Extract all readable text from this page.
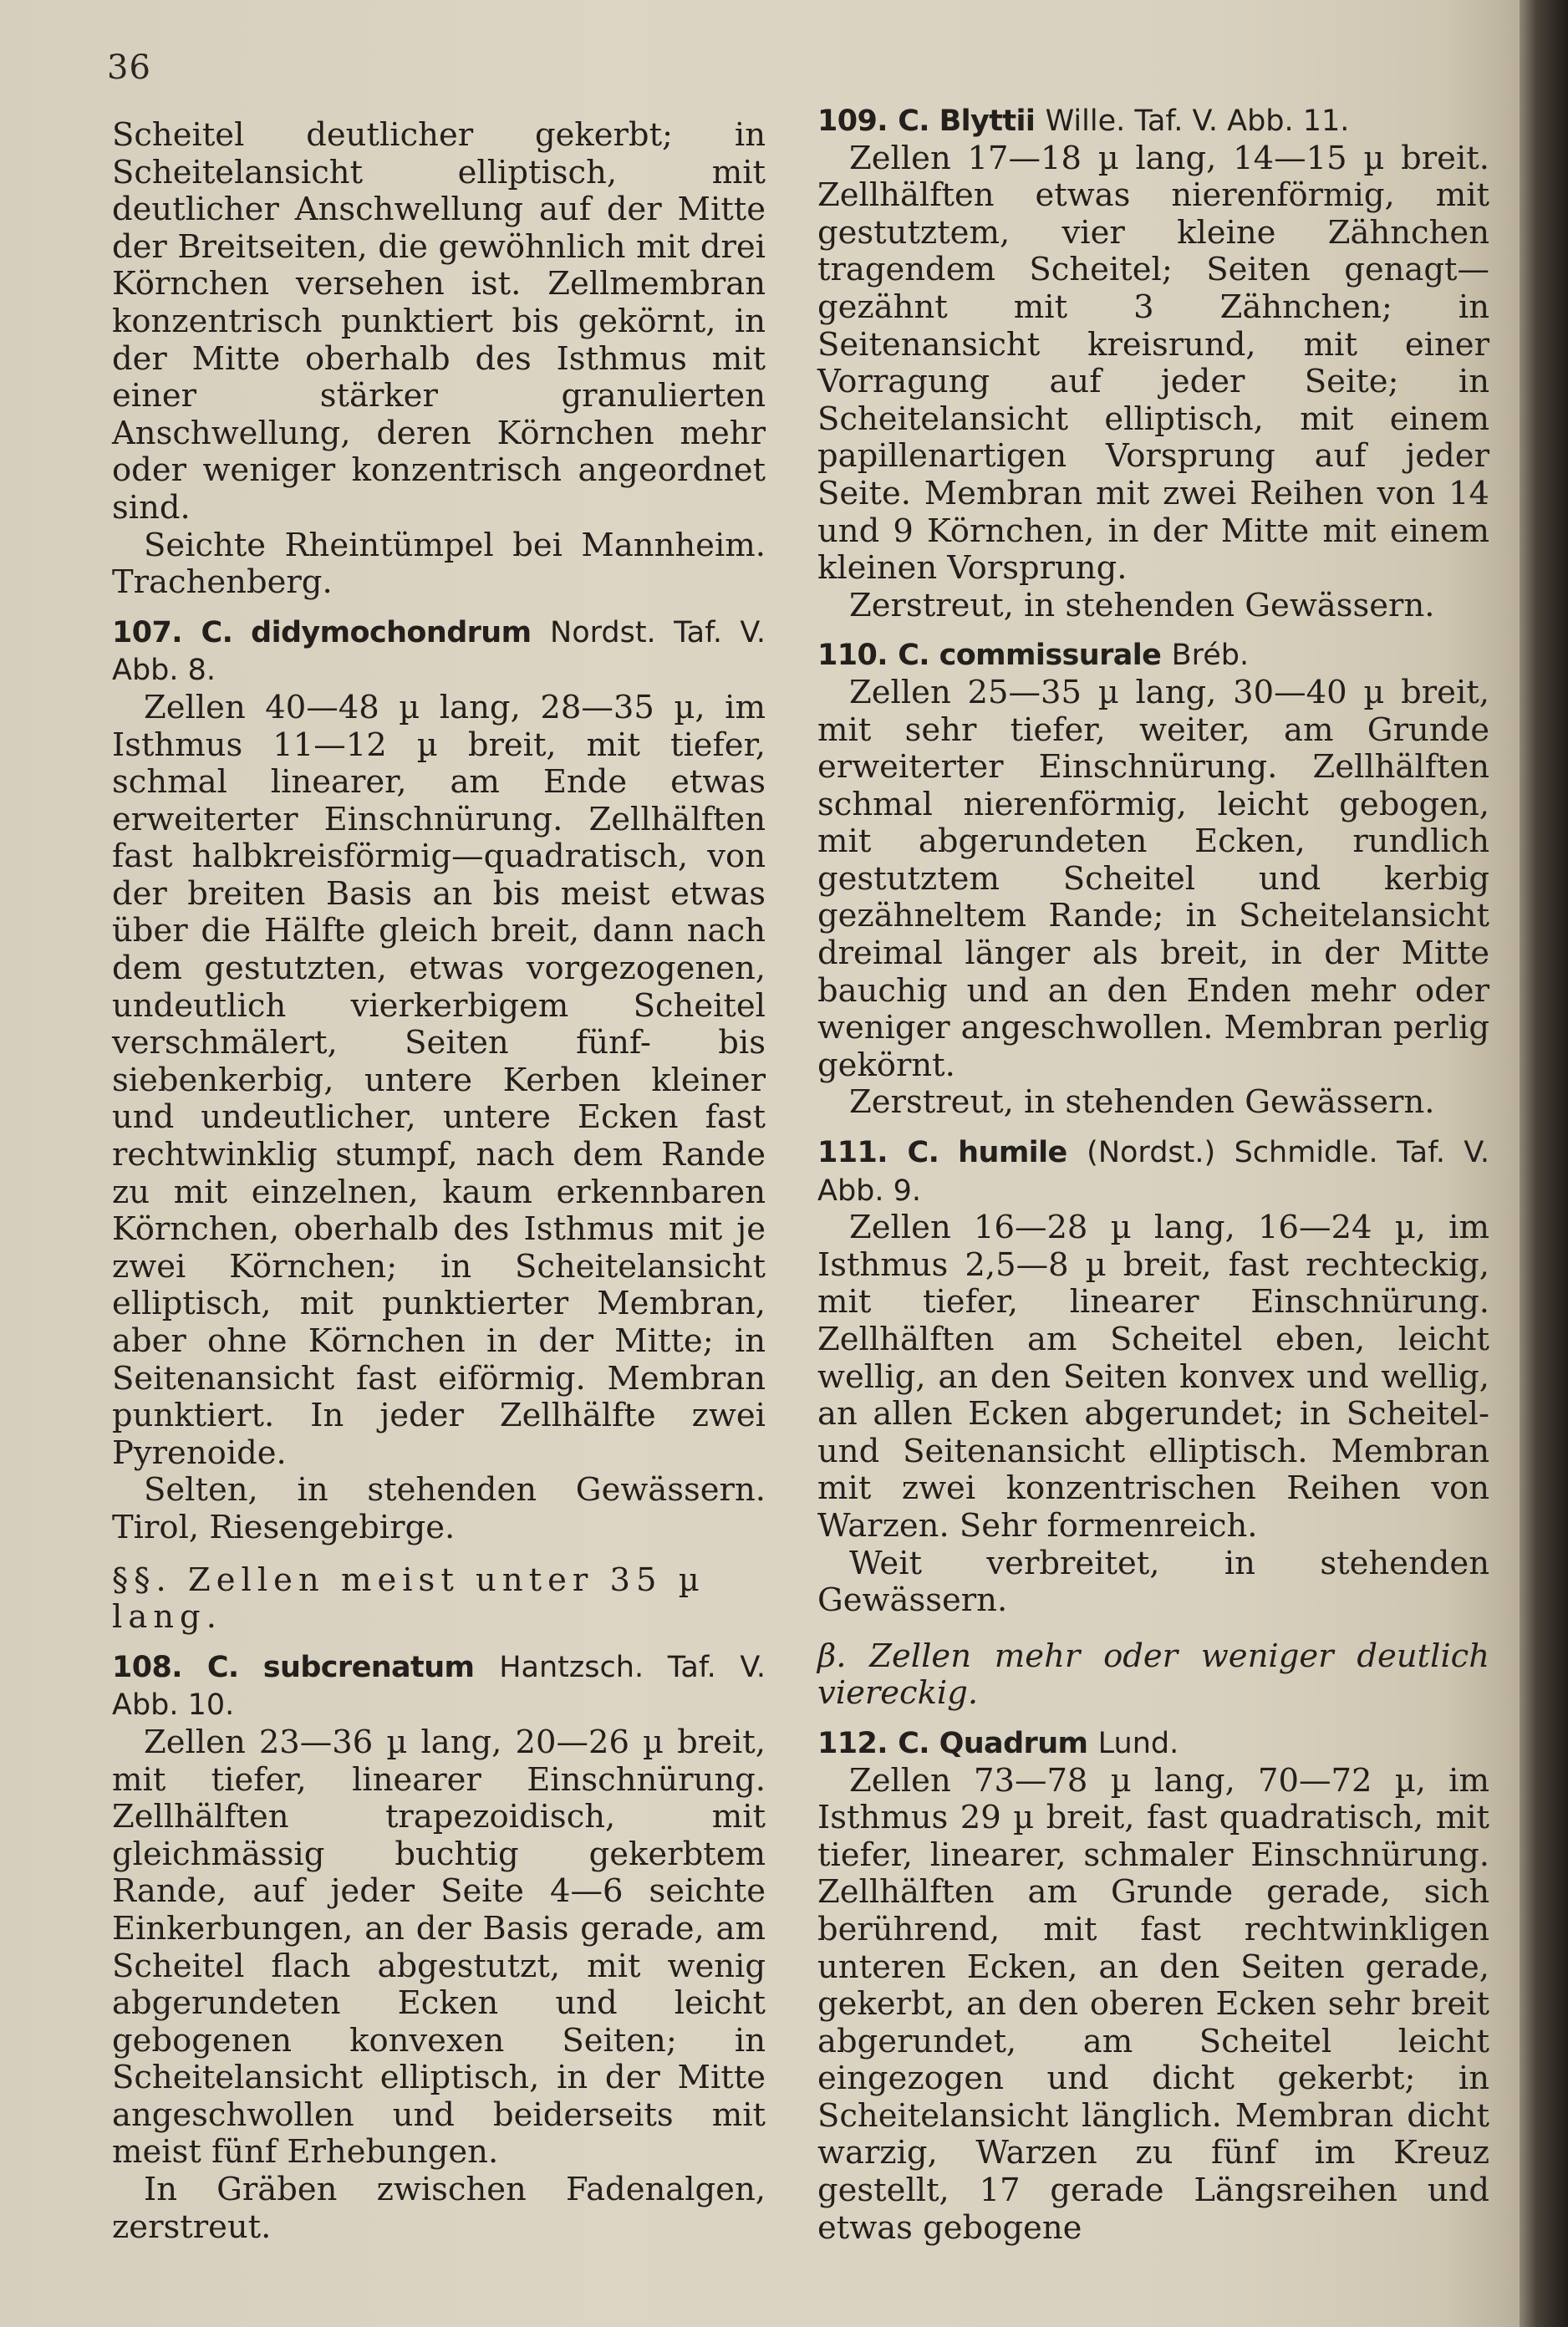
36

Scheitel deutlicher gekerbt; in Scheitelansicht elliptisch, mit deutlicher Anschwellung auf der Mitte der Breitseiten, die gewöhnlich mit drei Körnchen versehen ist. Zellmembran konzentrisch punktiert bis gekörnt, in der Mitte oberhalb des Isthmus mit einer stärker granulierten Anschwellung, deren Körnchen mehr oder weniger konzentrisch angeordnet sind.

Seichte Rheintümpel bei Mannheim. Trachenberg.

107. C. didymochondrum Nordst. Taf. V. Abb. 8.

Zellen 40—48 µ lang, 28—35 µ, im Isthmus 11—12 µ breit, mit tiefer, schmal linearer, am Ende etwas erweiterter Einschnürung. Zellhälften fast halbkreisförmig—quadratisch, von der breiten Basis an bis meist etwas über die Hälfte gleich breit, dann nach dem gestutzten, etwas vorgezogenen, undeutlich vierkerbigem Scheitel verschmälert, Seiten fünf- bis siebenkerbig, untere Kerben kleiner und undeutlicher, untere Ecken fast rechtwinklig stumpf, nach dem Rande zu mit einzelnen, kaum erkennbaren Körnchen, oberhalb des Isthmus mit je zwei Körnchen; in Scheitelansicht elliptisch, mit punktierter Membran, aber ohne Körnchen in der Mitte; in Seitenansicht fast eiförmig. Membran punktiert. In jeder Zellhälfte zwei Pyrenoide.

Selten, in stehenden Gewässern. Tirol, Riesengebirge.

§§. Zellen meist unter 35 µ lang.

108. C. subcrenatum Hantzsch. Taf. V. Abb. 10.

Zellen 23—36 µ lang, 20—26 µ breit, mit tiefer, linearer Einschnürung. Zellhälften trapezoidisch, mit gleichmässig buchtig gekerbtem Rande, auf jeder Seite 4—6 seichte Einkerbungen, an der Basis gerade, am Scheitel flach abgestutzt, mit wenig abgerundeten Ecken und leicht gebogenen konvexen Seiten; in Scheitelansicht elliptisch, in der Mitte angeschwollen und beiderseits mit meist fünf Erhebungen.

In Gräben zwischen Fadenalgen, zerstreut.

109. C. Blyttii Wille. Taf. V. Abb. 11.

Zellen 17—18 µ lang, 14—15 µ breit. Zellhälften etwas nierenförmig, mit gestutztem, vier kleine Zähnchen tragendem Scheitel; Seiten genagt—gezähnt mit 3 Zähnchen; in Seitenansicht kreisrund, mit einer Vorragung auf jeder Seite; in Scheitelansicht elliptisch, mit einem papillenartigen Vorsprung auf jeder Seite. Membran mit zwei Reihen von 14 und 9 Körnchen, in der Mitte mit einem kleinen Vorsprung.

Zerstreut, in stehenden Gewässern.

110. C. commissurale Bréb.

Zellen 25—35 µ lang, 30—40 µ breit, mit sehr tiefer, weiter, am Grunde erweiterter Einschnürung. Zellhälften schmal nierenförmig, leicht gebogen, mit abgerundeten Ecken, rundlich gestutztem Scheitel und kerbig gezähneltem Rande; in Scheitelansicht dreimal länger als breit, in der Mitte bauchig und an den Enden mehr oder weniger angeschwollen. Membran perlig gekörnt.

Zerstreut, in stehenden Gewässern.

111. C. humile (Nordst.) Schmidle. Taf. V. Abb. 9.

Zellen 16—28 µ lang, 16—24 µ, im Isthmus 2,5—8 µ breit, fast rechteckig, mit tiefer, linearer Einschnürung. Zellhälften am Scheitel eben, leicht wellig, an den Seiten konvex und wellig, an allen Ecken abgerundet; in Scheitel- und Seitenansicht elliptisch. Membran mit zwei konzentrischen Reihen von Warzen. Sehr formenreich.

Weit verbreitet, in stehenden Gewässern.

β. Zellen mehr oder weniger deutlich viereckig.

112. C. Quadrum Lund.

Zellen 73—78 µ lang, 70—72 µ, im Isthmus 29 µ breit, fast quadratisch, mit tiefer, linearer, schmaler Einschnürung. Zellhälften am Grunde gerade, sich berührend, mit fast rechtwinkligen unteren Ecken, an den Seiten gerade, gekerbt, an den oberen Ecken sehr breit abgerundet, am Scheitel leicht eingezogen und dicht gekerbt; in Scheitelansicht länglich. Membran dicht warzig, Warzen zu fünf im Kreuz gestellt, 17 gerade Längsreihen und etwas gebogene
